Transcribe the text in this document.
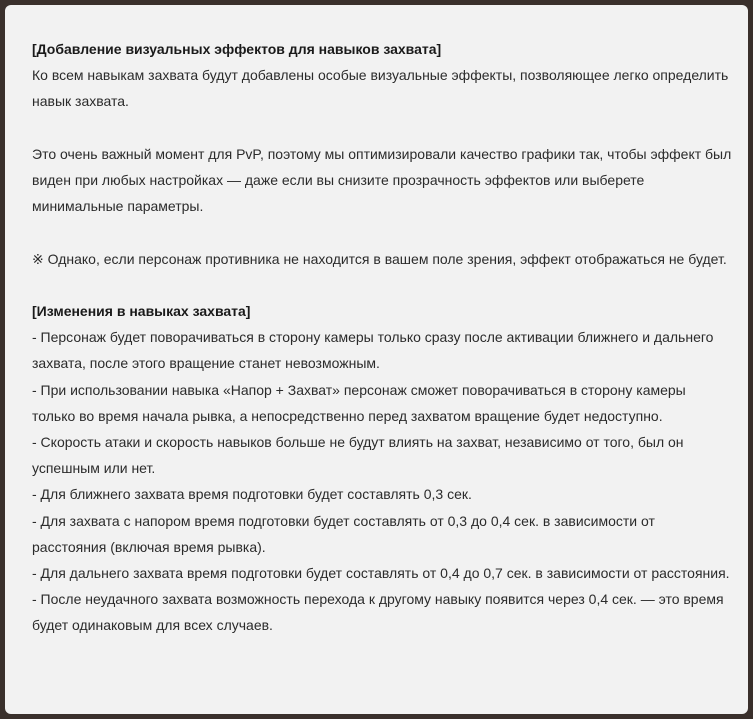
[Добавление визуальных эффектов для навыков захвата]

Ко всем навыкам захвата будут добавлены особые визуальные эффекты, позволяющее легко определить навык захвата.

Это очень важный момент для PvP, поэтому мы оптимизировали качество графики так, чтобы эффект был виден при любых настройках — даже если вы снизите прозрачность эффектов или выберете минимальные параметры.

※ Однако, если персонаж противника не находится в вашем поле зрения, эффект отображаться не будет.

[Изменения в навыках захвата]

- Персонаж будет поворачиваться в сторону камеры только сразу после активации ближнего и дальнего захвата, после этого вращение станет невозможным.

- При использовании навыка «Напор + Захват» персонаж сможет поворачиваться в сторону камеры только во время начала рывка, а непосредственно перед захватом вращение будет недоступно.

- Скорость атаки и скорость навыков больше не будут влиять на захват, независимо от того, был он успешным или нет.

- Для ближнего захвата время подготовки будет составлять 0,3 сек.

- Для захвата с напором время подготовки будет составлять от 0,3 до 0,4 сек. в зависимости от расстояния (включая время рывка).

- Для дальнего захвата время подготовки будет составлять от 0,4 до 0,7 сек. в зависимости от расстояния.

- После неудачного захвата возможность перехода к другому навыку появится через 0,4 сек. — это время будет одинаковым для всех случаев.
